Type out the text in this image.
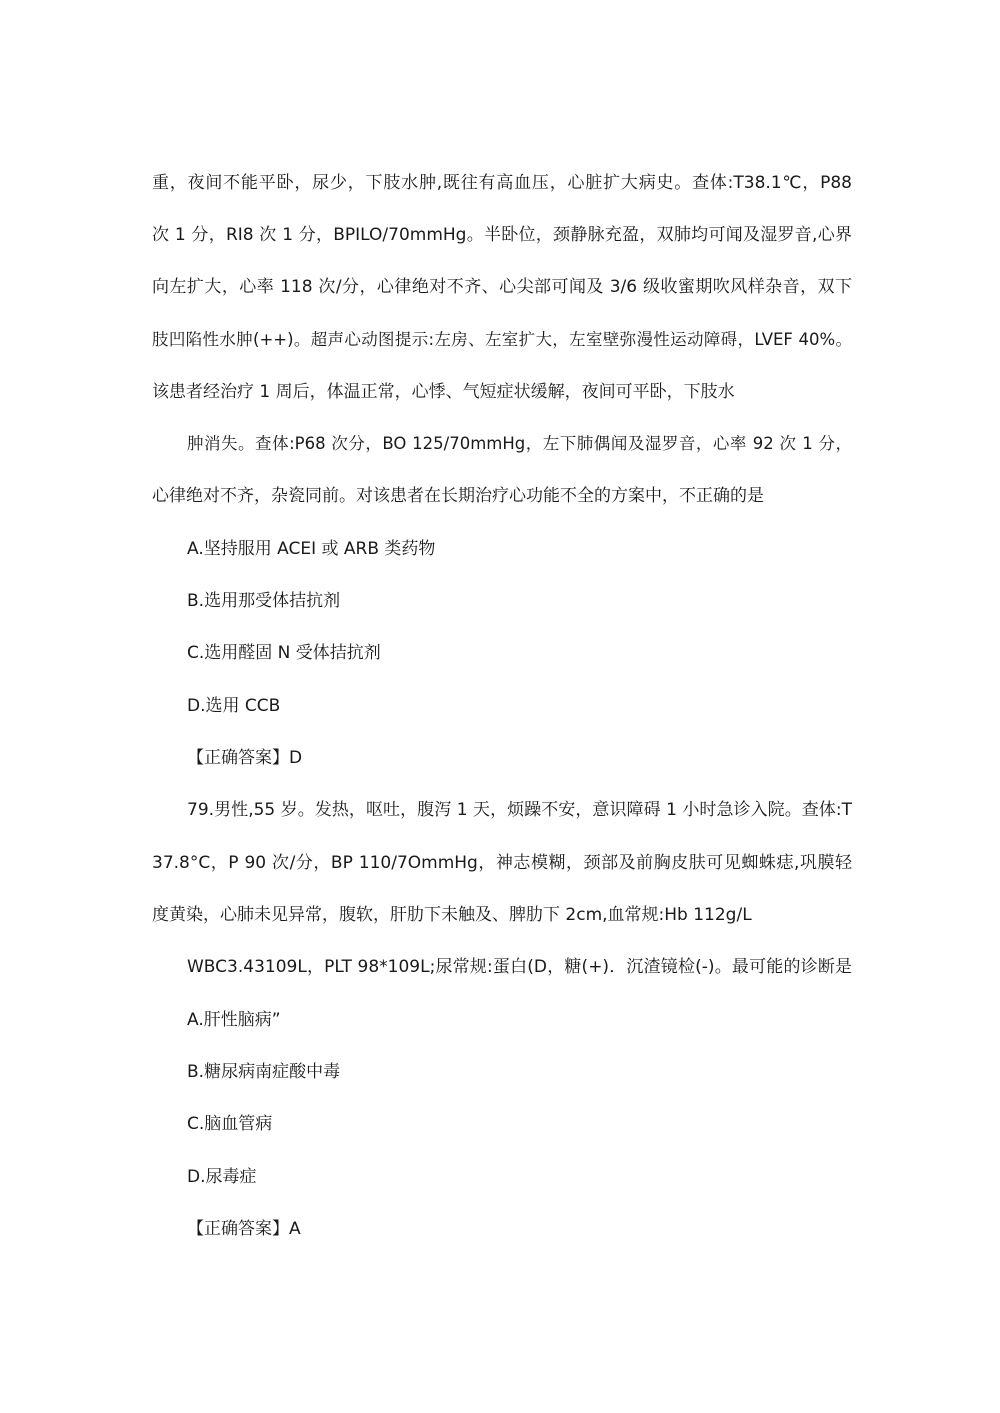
重，夜间不能平卧，尿少，下肢水肿,既往有高血压，心脏扩大病史。查体:T38.1℃，P88
次 1 分，RI8 次 1 分，BPILO/70mmHg。半卧位，颈静脉充盈，双肺均可闻及湿罗音,心界
向左扩大，心率 118 次/分，心律绝对不齐、心尖部可闻及 3/6 级收蜜期吹风样杂音，双下
肢凹陷性水肿(++)。超声心动图提示:左房、左室扩大，左室壁弥漫性运动障碍，LVEF 40%。
该患者经治疗 1 周后，体温正常，心悸、气短症状缓解，夜间可平卧，下肢水
肿消失。查体:P68 次分，BO 125/70mmHg，左下肺偶闻及湿罗音，心率 92 次 1 分，
心律绝对不齐，杂瓷同前。对该患者在长期治疗心功能不全的方案中，不正确的是
A.坚持服用 ACEI 或 ARB 类药物
B.选用那受体拮抗剂
C.选用醛固 N 受体拮抗剂
D.选用 CCB
【正确答案】D
79.男性,55 岁。发热，呕吐，腹泻 1 天，烦躁不安，意识障碍 1 小时急诊入院。查体:T
37.8°C，P 90 次/分，BP 110/7OmmHg，神志模糊，颈部及前胸皮肤可见蜘蛛痣,巩膜轻
度黄染，心肺未见异常，腹软，肝肋下未触及、脾肋下 2cm,血常规:Hb 112g/L
WBC3.43109L，PLT 98*109L;尿常规:蛋白(D，糖(+)．沉渣镜检(-)。最可能的诊断是
A.肝性脑病”
B.糖尿病南症酸中毒
C.脑血管病
D.尿毒症
【正确答案】A
